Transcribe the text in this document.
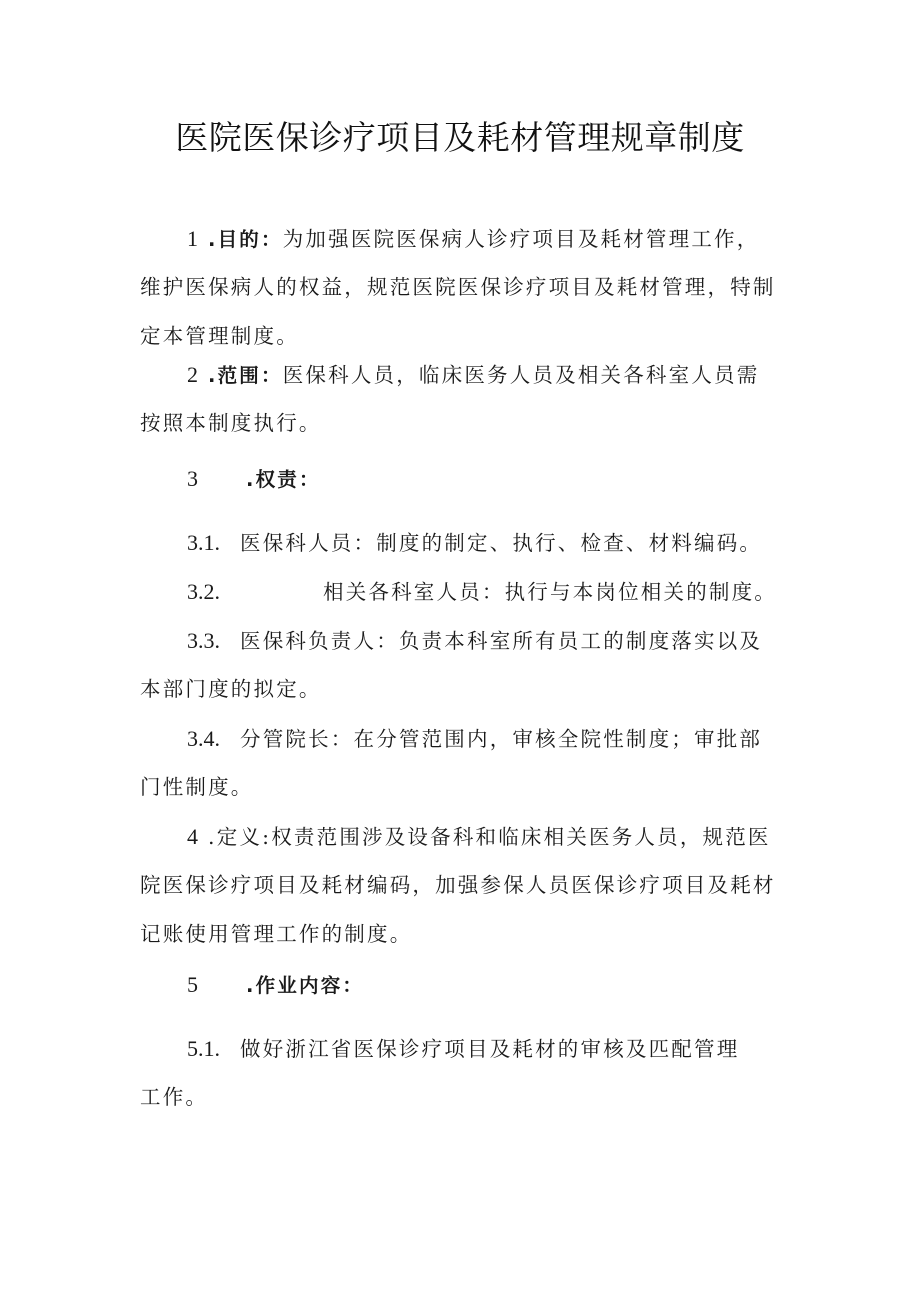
医院医保诊疗项目及耗材管理规章制度
1 .目的：为加强医院医保病人诊疗项目及耗材管理工作，
维护医保病人的权益，规范医院医保诊疗项目及耗材管理，特制
定本管理制度。
2 .范围：医保科人员，临床医务人员及相关各科室人员需
按照本制度执行。
3 .权责：
3.1. 医保科人员：制度的制定、执行、检查、材料编码。
3.2.	相关各科室人员：执行与本岗位相关的制度。
3.3. 医保科负责人：负责本科室所有员工的制度落实以及
本部门度的拟定。
3.4. 分管院长：在分管范围内，审核全院性制度；审批部
门性制度。
4 .定义:权责范围涉及设备科和临床相关医务人员，规范医
院医保诊疗项目及耗材编码，加强参保人员医保诊疗项目及耗材
记账使用管理工作的制度。
5 .作业内容：
5.1. 做好浙江省医保诊疗项目及耗材的审核及匹配管理
工作。
